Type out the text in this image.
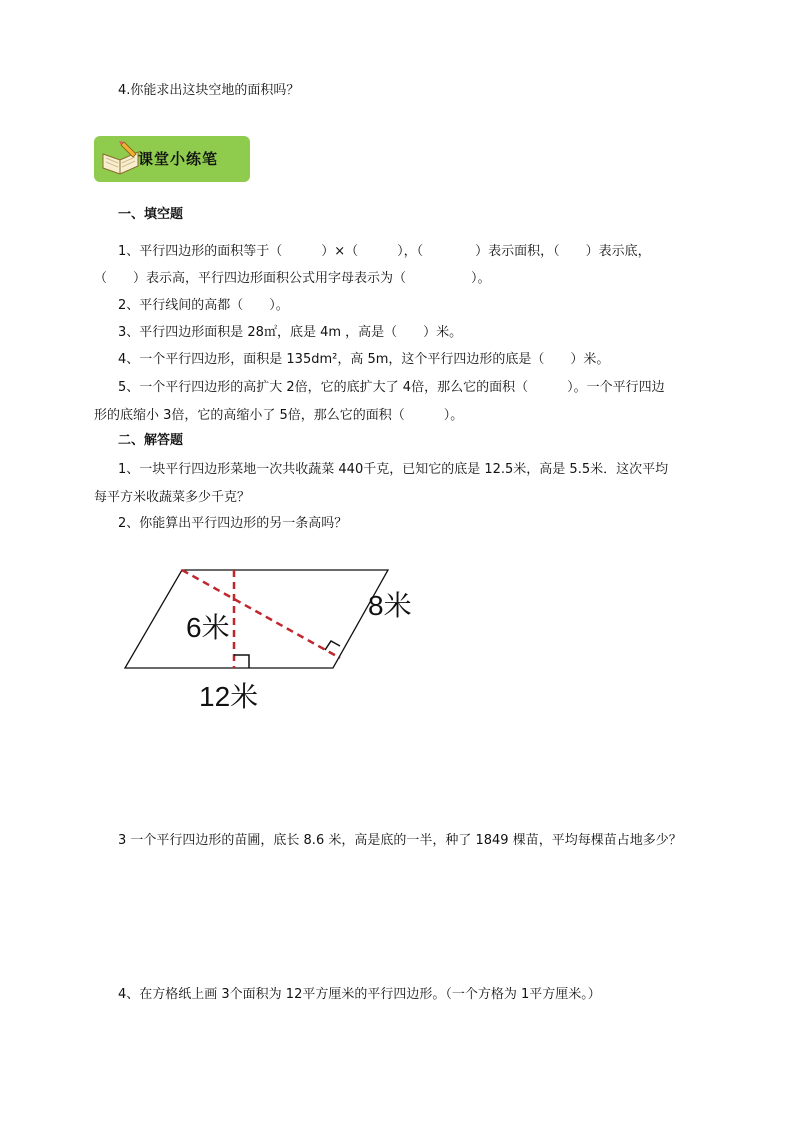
4.你能求出这块空地的面积吗？
课堂小练笔
一、填空题
1、平行四边形的面积等于（　　　）×（　　　），（　　　　）表示面积，（　　）表示底，
（　　）表示高，平行四边形面积公式用字母表示为（　　　　　）。
2、平行线间的高都（　　）。
3、平行四边形面积是 28㎡，底是 4m ，高是（　　）米。
4、一个平行四边形，面积是 135dm²，高 5m，这个平行四边形的底是（　　）米。
5、一个平行四边形的高扩大 2倍，它的底扩大了 4倍，那么它的面积（　　　）。一个平行四边
形的底缩小 3倍，它的高缩小了 5倍，那么它的面积（　　　）。
二、解答题
1、一块平行四边形菜地一次共收蔬菜 440千克，已知它的底是 12.5米，高是 5.5米．这次平均
每平方米收蔬菜多少千克？
2、你能算出平行四边形的另一条高吗？
6米
8米
12米
3 一个平行四边形的苗圃，底长 8.6 米，高是底的一半，种了 1849 棵苗，平均每棵苗占地多少？
4、在方格纸上画 3个面积为 12平方厘米的平行四边形。（一个方格为 1平方厘米。）
